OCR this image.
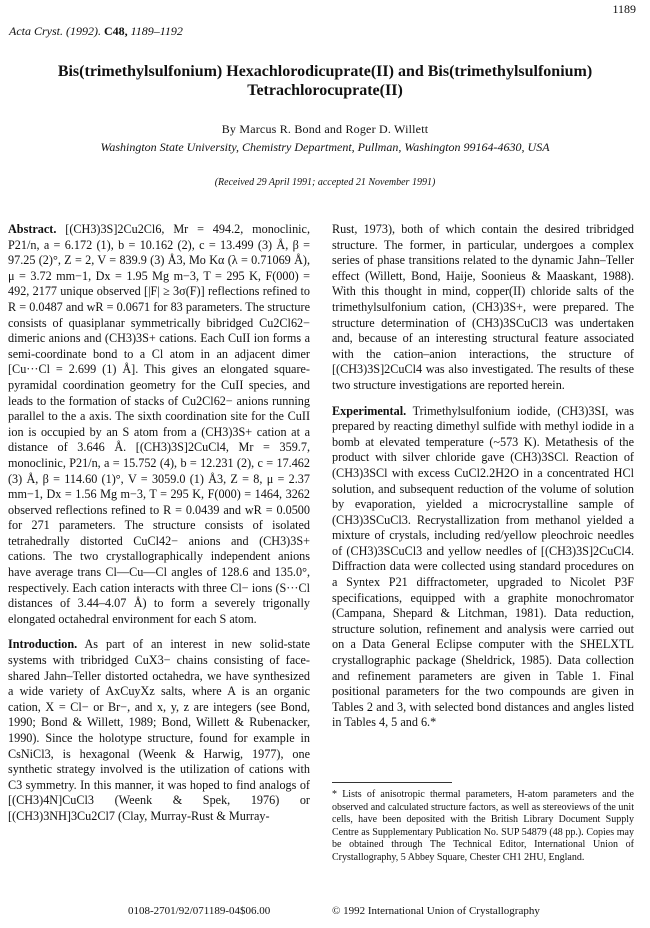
1189
Acta Cryst. (1992). C48, 1189–1192
Bis(trimethylsulfonium) Hexachlorodicuprate(II) and Bis(trimethylsulfonium) Tetrachlorocuprate(II)
By Marcus R. Bond and Roger D. Willett
Washington State University, Chemistry Department, Pullman, Washington 99164-4630, USA
(Received 29 April 1991; accepted 21 November 1991)

Abstract. [(CH3)3S]2Cu2Cl6, Mr = 494.2, monoclinic, P21/n, a = 6.172 (1), b = 10.162 (2), c = 13.499 (3) Å, β = 97.25 (2)°, Z = 2, V = 839.9 (3) Å3, Mo Kα (λ = 0.71069 Å), μ = 3.72 mm−1, Dx = 1.95 Mg m−3, T = 295 K, F(000) = 492, 2177 unique observed [|F| ≥ 3σ(F)] reflections refined to R = 0.0487 and wR = 0.0671 for 83 parameters. The structure consists of quasiplanar symmetrically bibridged Cu2Cl62− dimeric anions and (CH3)3S+ cations. Each CuII ion forms a semi-coordinate bond to a Cl atom in an adjacent dimer [Cu···Cl = 2.699 (1) Å]. This gives an elongated square-pyramidal coordination geometry for the CuII species, and leads to the formation of stacks of Cu2Cl62− anions running parallel to the a axis. The sixth coordination site for the CuII ion is occupied by an S atom from a (CH3)3S+ cation at a distance of 3.646 Å. [(CH3)3S]2CuCl4, Mr = 359.7, monoclinic, P21/n, a = 15.752 (4), b = 12.231 (2), c = 17.462 (3) Å, β = 114.60 (1)°, V = 3059.0 (1) Å3, Z = 8, μ = 2.37 mm−1, Dx = 1.56 Mg m−3, T = 295 K, F(000) = 1464, 3262 observed reflections refined to R = 0.0439 and wR = 0.0500 for 271 parameters. The structure consists of isolated tetrahedrally distorted CuCl42− anions and (CH3)3S+ cations. The two crystallographically independent anions have average trans Cl—Cu—Cl angles of 128.6 and 135.0°, respectively. Each cation interacts with three Cl− ions (S···Cl distances of 3.44–4.07 Å) to form a severely trigonally elongated octahedral environment for each S atom.

Introduction. As part of an interest in new solid-state systems with tribridged CuX3− chains consisting of face-shared Jahn–Teller distorted octahedra, we have synthesized a wide variety of AxCuyXz salts, where A is an organic cation, X = Cl− or Br−, and x, y, z are integers (see Bond, 1990; Bond & Willett, 1989; Bond, Willett & Rubenacker, 1990). Since the holotype structure, found for example in CsNiCl3, is hexagonal (Weenk & Harwig, 1977), one synthetic strategy involved is the utilization of cations with C3 symmetry. In this manner, it was hoped to find analogs of [(CH3)4N]CuCl3 (Weenk & Spek, 1976) or [(CH3)3NH]3Cu2Cl7 (Clay, Murray-Rust & Murray-

Rust, 1973), both of which contain the desired tribridged structure. The former, in particular, undergoes a complex series of phase transitions related to the dynamic Jahn–Teller effect (Willett, Bond, Haije, Soonieus & Maaskant, 1988). With this thought in mind, copper(II) chloride salts of the trimethylsulfonium cation, (CH3)3S+, were prepared. The structure determination of (CH3)3SCuCl3 was undertaken and, because of an interesting structural feature associated with the cation–anion interactions, the structure of [(CH3)3S]2CuCl4 was also investigated. The results of these two structure investigations are reported herein.

Experimental. Trimethylsulfonium iodide, (CH3)3SI, was prepared by reacting dimethyl sulfide with methyl iodide in a bomb at elevated temperature (~573 K). Metathesis of the product with silver chloride gave (CH3)3SCl. Reaction of (CH3)3SCl with excess CuCl2.2H2O in a concentrated HCl solution, and subsequent reduction of the volume of solution by evaporation, yielded a microcrystalline sample of (CH3)3SCuCl3. Recrystallization from methanol yielded a mixture of crystals, including red/yellow pleochroic needles of (CH3)3SCuCl3 and yellow needles of [(CH3)3S]2CuCl4. Diffraction data were collected using standard procedures on a Syntex P21 diffractometer, upgraded to Nicolet P3F specifications, equipped with a graphite monochromator (Campana, Shepard & Litchman, 1981). Data reduction, structure solution, refinement and analysis were carried out on a Data General Eclipse computer with the SHELXTL crystallographic package (Sheldrick, 1985). Data collection and refinement parameters are given in Table 1. Final positional parameters for the two compounds are given in Tables 2 and 3, with selected bond distances and angles listed in Tables 4, 5 and 6.*

* Lists of anisotropic thermal parameters, H-atom parameters and the observed and calculated structure factors, as well as stereoviews of the unit cells, have been deposited with the British Library Document Supply Centre as Supplementary Publication No. SUP 54879 (48 pp.). Copies may be obtained through The Technical Editor, International Union of Crystallography, 5 Abbey Square, Chester CH1 2HU, England.
0108-2701/92/071189-04$06.00	© 1992 International Union of Crystallography
